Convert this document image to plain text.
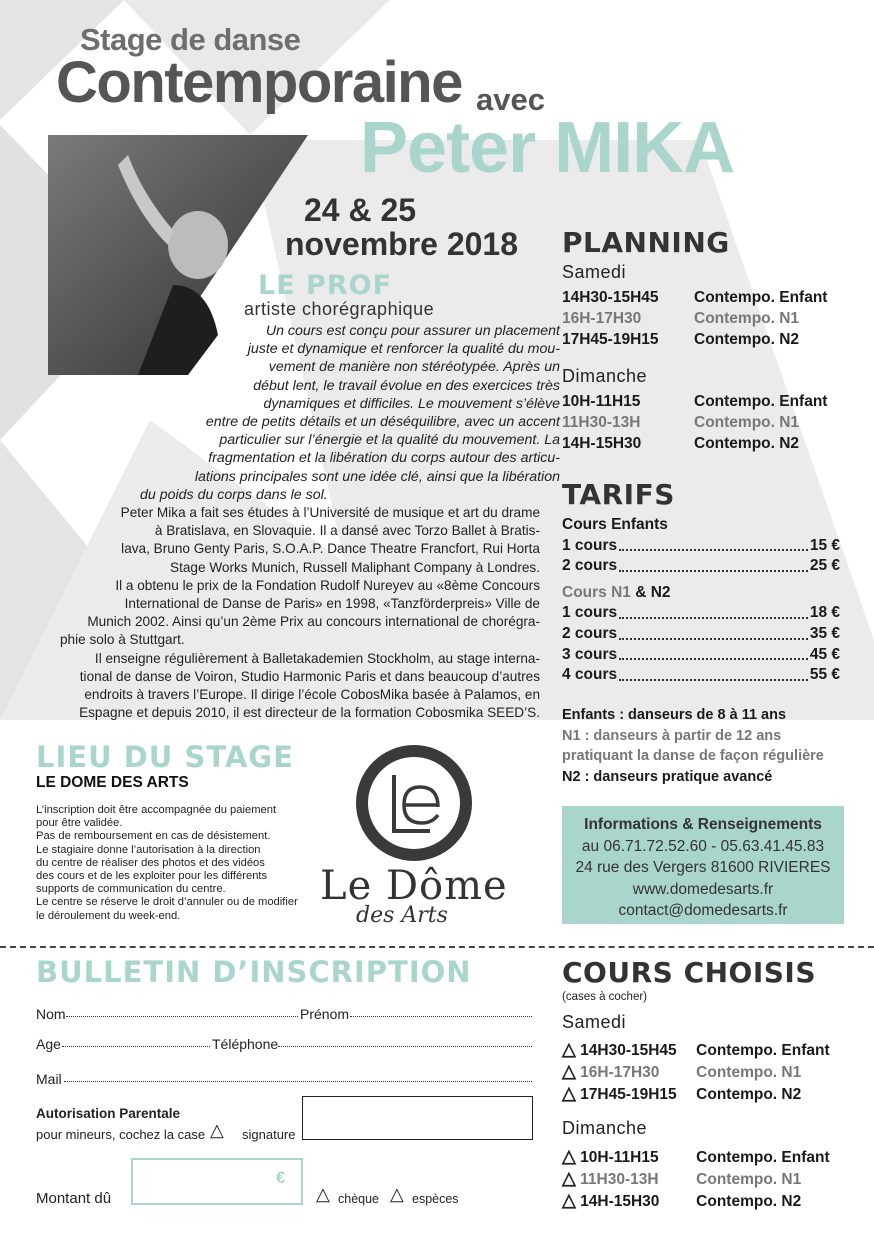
Stage de danse
Contemporaine avec
Peter MIKA
24 & 25
novembre 2018
LE PROF
artiste chorégraphique
Un cours est conçu pour assurer un placement
juste et dynamique et renforcer la qualité du mou-
vement de manière non stéréotypée. Après un
début lent, le travail évolue en des exercices très
dynamiques et difficiles. Le mouvement s’élève
entre de petits détails et un déséquilibre, avec un accent
particulier sur l’énergie et la qualité du mouvement. La
fragmentation et la libération du corps autour des articu-
lations principales sont une idée clé, ainsi que la libération
du poids du corps dans le sol.
Peter Mika a fait ses études à l’Université de musique et art du drame
à Bratislava, en Slovaquie. Il a dansé avec Torzo Ballet à Bratis-
lava, Bruno Genty Paris, S.O.A.P. Dance Theatre Francfort, Rui Horta
Stage Works Munich, Russell Maliphant Company à Londres.
Il a obtenu le prix de la Fondation Rudolf Nureyev au «8ème Concours
International de Danse de Paris» en 1998, «Tanzförderpreis» Ville de
Munich 2002. Ainsi qu’un 2ème Prix au concours international de chorégra-
phie solo à Stuttgart.
Il enseigne régulièrement à Balletakademien Stockholm, au stage interna-
tional de danse de Voiron, Studio Harmonic Paris et dans beaucoup d’autres
endroits à travers l’Europe. Il dirige l’école CobosMika basée à Palamos, en
Espagne et depuis 2010, il est directeur de la formation Cobosmika SEED’S.
PLANNING
Samedi
14H30-15H45 Contempo. Enfant
16H-17H30	Contempo. N1
17H45-19H15 Contempo. N2
Dimanche
10H-11H15	Contempo. Enfant
11H30-13H	Contempo. N1
14H-15H30	Contempo. N2
TARIFS
Cours Enfants
1 cours	15 €
2 cours	25 €
Cours N1 & N2
1 cours	18 €
2 cours	35 €
3 cours	45 €
4 cours	55 €
Enfants : danseurs de 8 à 11 ans
N1 : danseurs à partir de 12 ans
pratiquant la danse de façon régulière
N2 : danseurs pratique avancé
Informations & Renseignements
au 06.71.72.52.60 - 05.63.41.45.83
24 rue des Vergers 81600 RIVIERES
www.domedesarts.fr
contact@domedesarts.fr
LIEU DU STAGE
LE DOME DES ARTS
L’inscription doit être accompagnée du paiement
pour être validée.
Pas de remboursement en cas de désistement.
Le stagiaire donne l’autorisation à la direction
du centre de réaliser des photos et des vidéos
des cours et de les exploiter pour les différents
supports de communication du centre.
Le centre se réserve le droit d’annuler ou de modifier
le déroulement du week-end.
Le Dôme
des Arts
BULLETIN D’INSCRIPTION
Nom	Prénom
Age	Téléphone
Mail
Autorisation Parentale
pour mineurs, cochez la case △ signature
Montant dû
€
△ chèque △ espèces
COURS CHOISIS
(cases à cocher)
Samedi
△ 14H30-15H45 Contempo. Enfant
△ 16H-17H30 Contempo. N1
△ 17H45-19H15 Contempo. N2
Dimanche
△ 10H-11H15 Contempo. Enfant
△ 11H30-13H Contempo. N1
△ 14H-15H30 Contempo. N2
